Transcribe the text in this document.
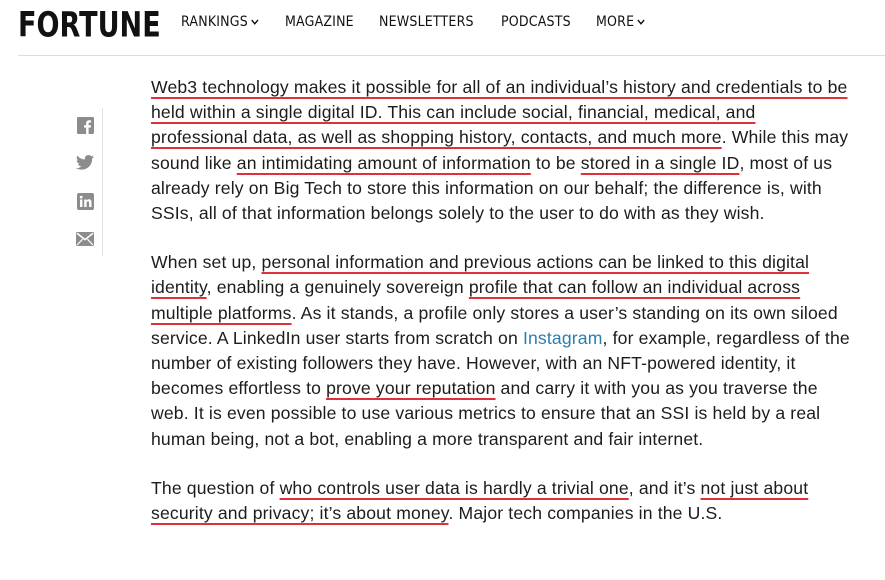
FORTUNE RANKINGS	MAGAZINE NEWSLETTERS PODCASTS MORE

Web3 technology makes it possible for all of an individual’s history and credentials to be held within a single digital ID. This can include social, financial, medical, and professional data, as well as shopping history, contacts, and much more. While this may sound like an intimidating amount of information to be stored in a single ID, most of us already rely on Big Tech to store this information on our behalf; the difference is, with SSIs, all of that information belongs solely to the user to do with as they wish.

When set up, personal information and previous actions can be linked to this digital identity, enabling a genuinely sovereign profile that can follow an individual across multiple platforms. As it stands, a profile only stores a user’s standing on its own siloed service. A LinkedIn user starts from scratch on Instagram, for example, regardless of the number of existing followers they have. However, with an NFT-powered identity, it becomes effortless to prove your reputation and carry it with you as you traverse the web. It is even possible to use various metrics to ensure that an SSI is held by a real human being, not a bot, enabling a more transparent and fair internet.

The question of who controls user data is hardly a trivial one, and it’s not just about security and privacy; it’s about money. Major tech companies in the U.S.
